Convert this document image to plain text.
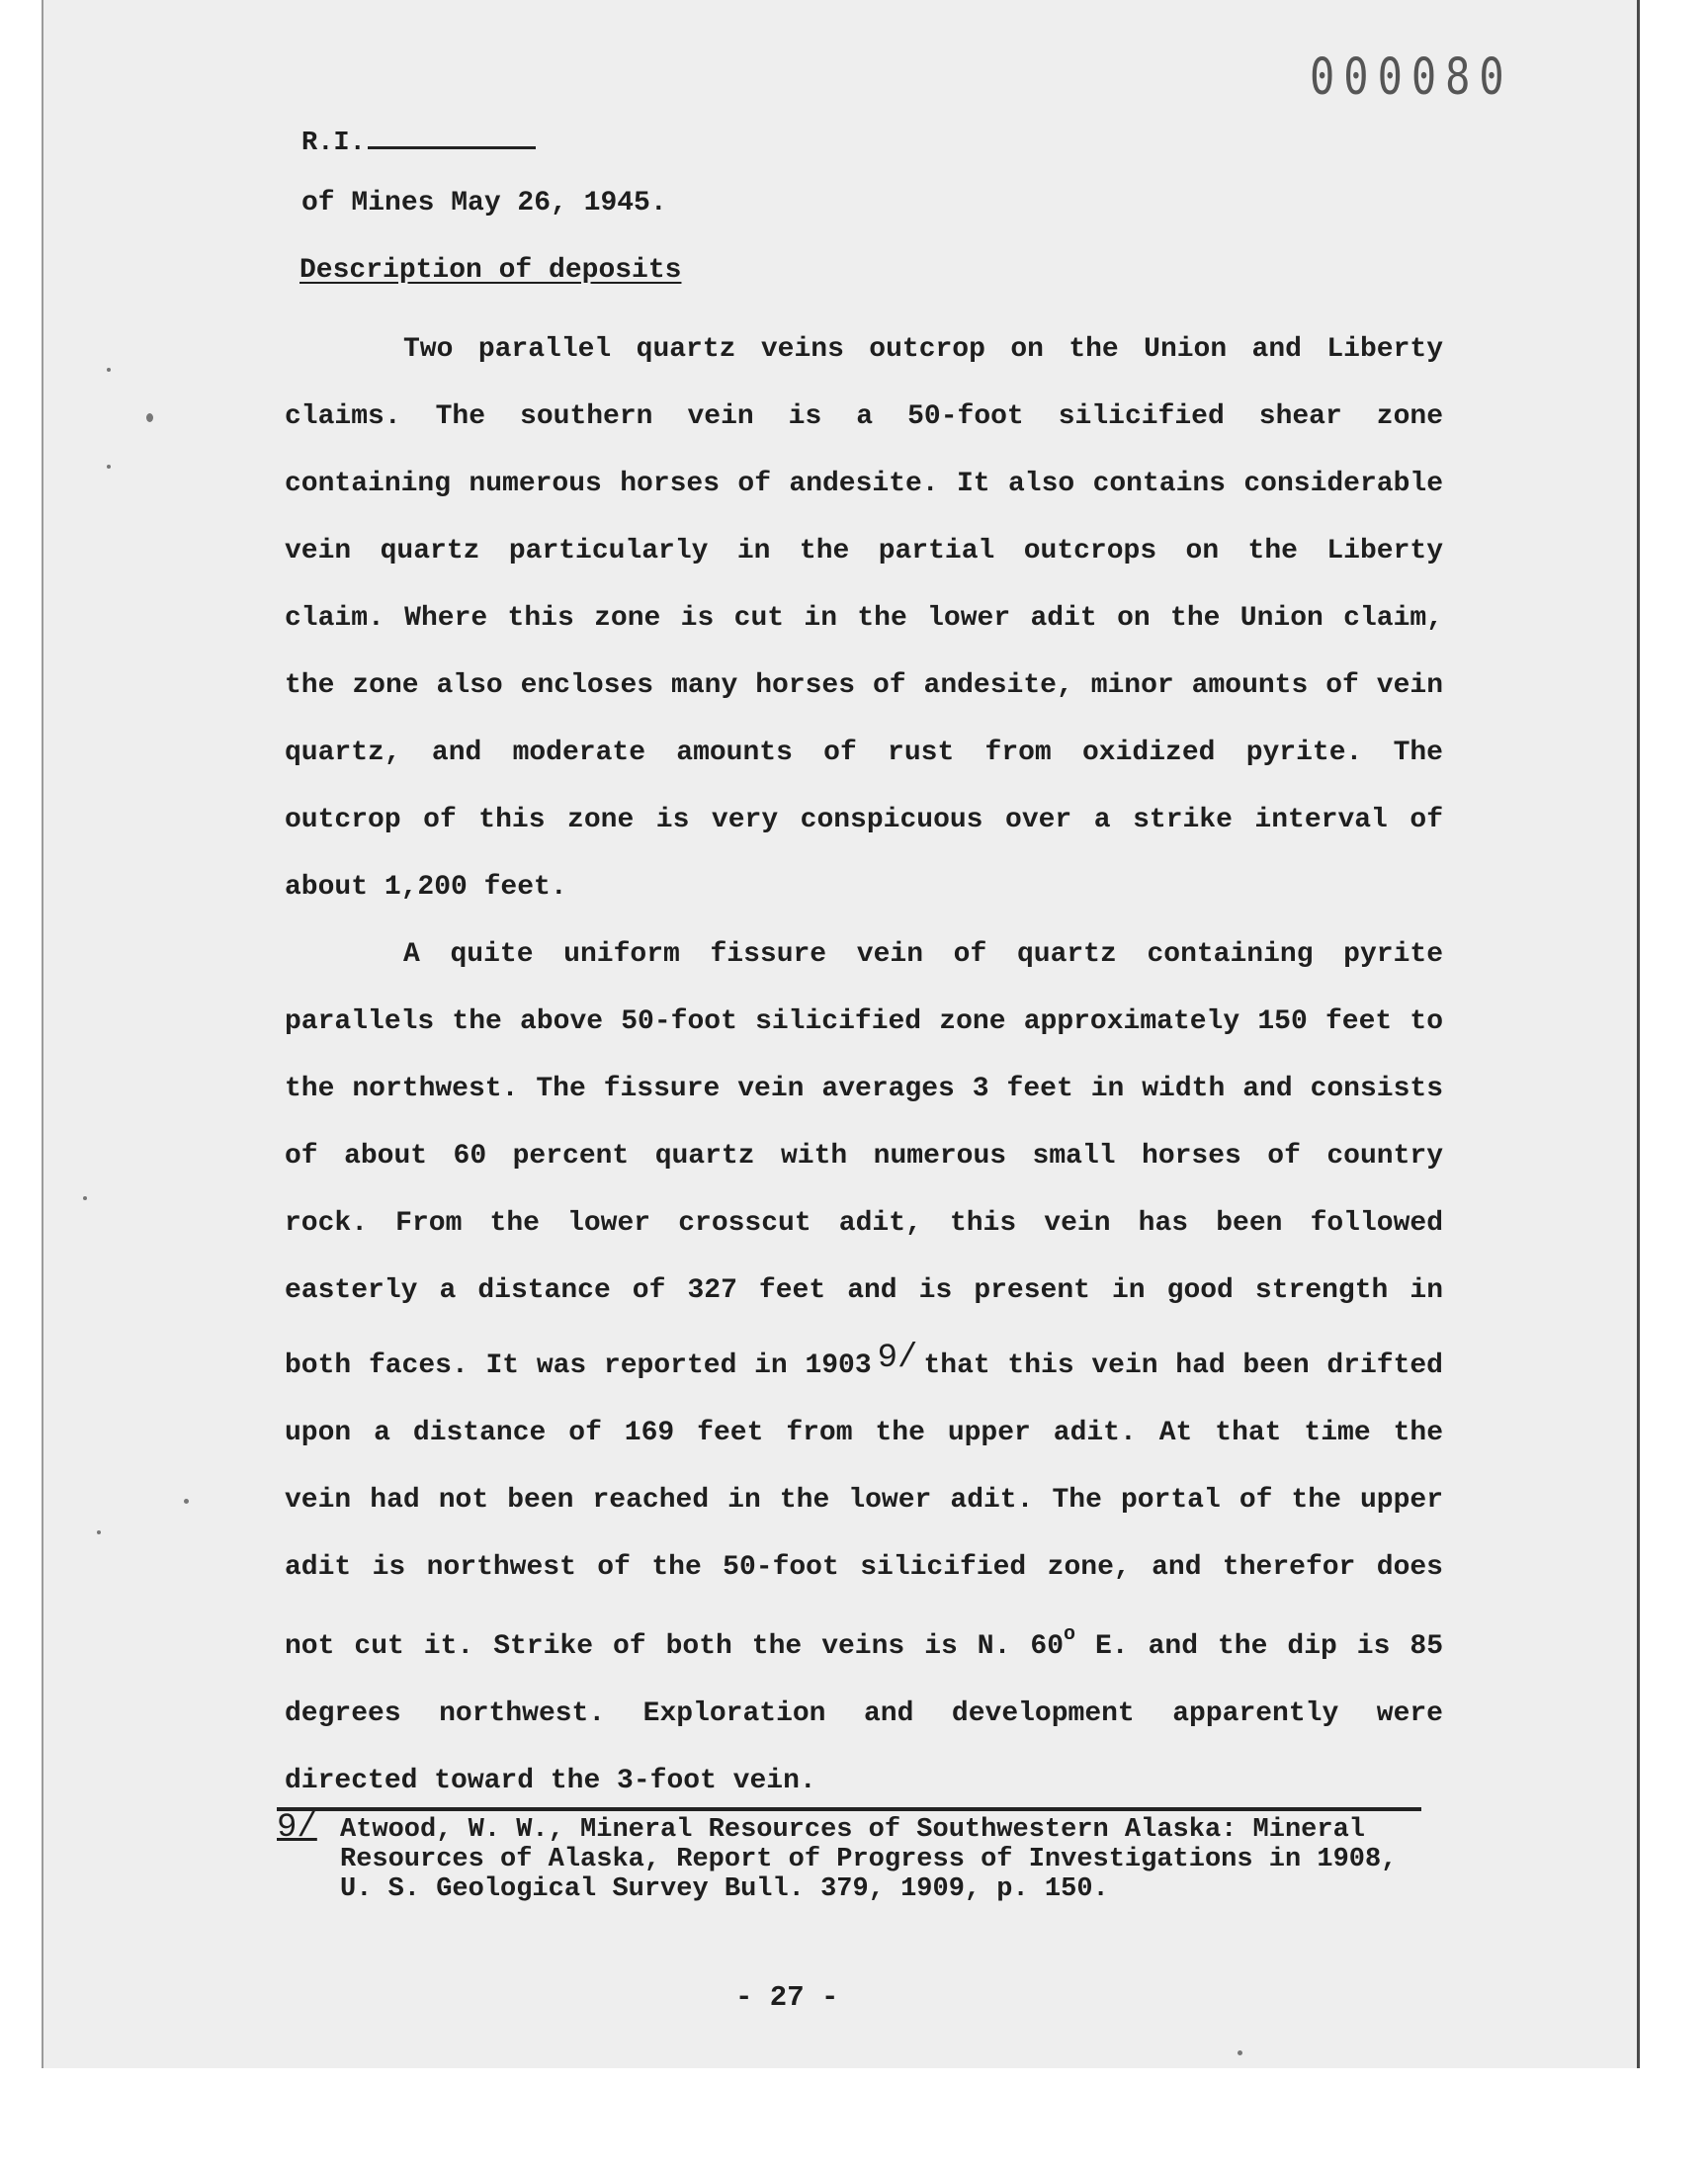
000080
R.I.
of Mines May 26, 1945.
Description of deposits

Two parallel quartz veins outcrop on the Union and Liberty claims. The southern vein is a 50-foot silicified shear zone containing numerous horses of andesite. It also contains considerable vein quartz particularly in the partial outcrops on the Liberty claim. Where this zone is cut in the lower adit on the Union claim, the zone also encloses many horses of andesite, minor amounts of vein quartz, and moderate amounts of rust from oxidized pyrite. The outcrop of this zone is very conspicuous over a strike interval of about 1,200 feet.

A quite uniform fissure vein of quartz containing pyrite parallels the above 50-foot silicified zone approximately 150 feet to the northwest. The fissure vein averages 3 feet in width and consists of about 60 percent quartz with numerous small horses of country rock. From the lower crosscut adit, this vein has been followed easterly a distance of 327 feet and is present in good strength in both faces. It was reported in 1903 9/ that this vein had been drifted upon a distance of 169 feet from the upper adit. At that time the vein had not been reached in the lower adit. The portal of the upper adit is northwest of the 50-foot silicified zone, and therefor does not cut it. Strike of both the veins is N. 60$^o$ E. and the dip is 85 degrees northwest. Exploration and development apparently were directed toward the 3-foot vein.

9/ Atwood, W. W., Mineral Resources of Southwestern Alaska: Mineral Resources of Alaska, Report of Progress of Investigations in 1908, U. S. Geological Survey Bull. 379, 1909, p. 150.
- 27 -
